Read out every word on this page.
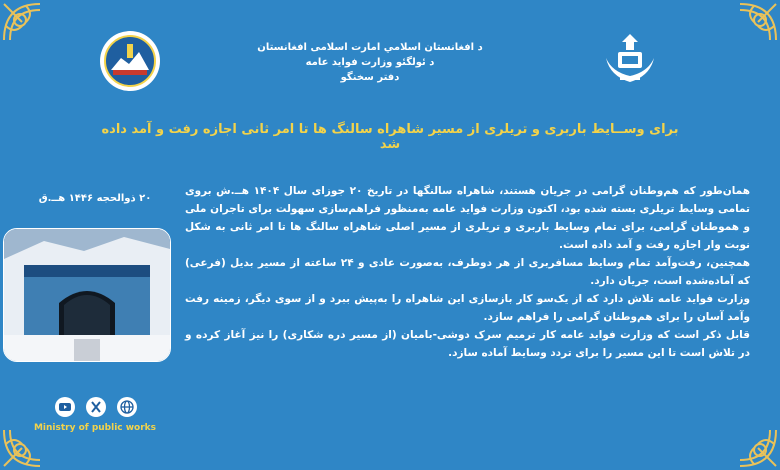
د افغانستان اسلامي امارت اسلامی افغانستان
د ئولگئو وزارت فوايد عامه
دفتر سخنگو
برای وســایط باربری و تریلری از مسیر شاهراه سالنگ ها تا امر ثانی اجازه رفت و آمد داده شد
۲۰ ذوالحجه ۱۴۴۶ هــ.ق
Ministry of public works

همان‌طور که هم‌وطنان گرامی در جریان هستند، شاهراه سالنگها در تاریخ ۲۰ جوزای سال ۱۴۰۴ هــ.ش بروی تمامی وسایط تریلری بسته شده بود، اکنون وزارت فواید عامه به‌منظور فراهم‌سازی سهولت برای تاجران ملی و هموطنان گرامی، برای تمام وسایط باربری و تریلری از مسیر اصلی شاهراه سالنگ ها تا امر ثانی به شکل نوبت وار اجازه رفت و آمد داده است.

همچنین، رفت‌وآمد تمام وسایط مسافربری از هر دوطرف، به‌صورت عادی و ۲۴ ساعته از مسیر بدیل (فرعی) که آماده‌شده است، جریان دارد.

وزارت فواید عامه تلاش دارد که از یک‌سو کار بازسازی این شاهراه را به‌پیش ببرد و از سوی دیگر، زمینه رفت وآمد آسان را برای هم‌وطنان گرامی را فراهم سازد.

قابل ذکر است که وزارت فواید عامه کار ترمیم سرک دوشی-بامیان (از مسیر دره شکاری) را نیز آغاز کرده و در تلاش است تا این مسیر را برای تردد وسایط آماده سازد.
